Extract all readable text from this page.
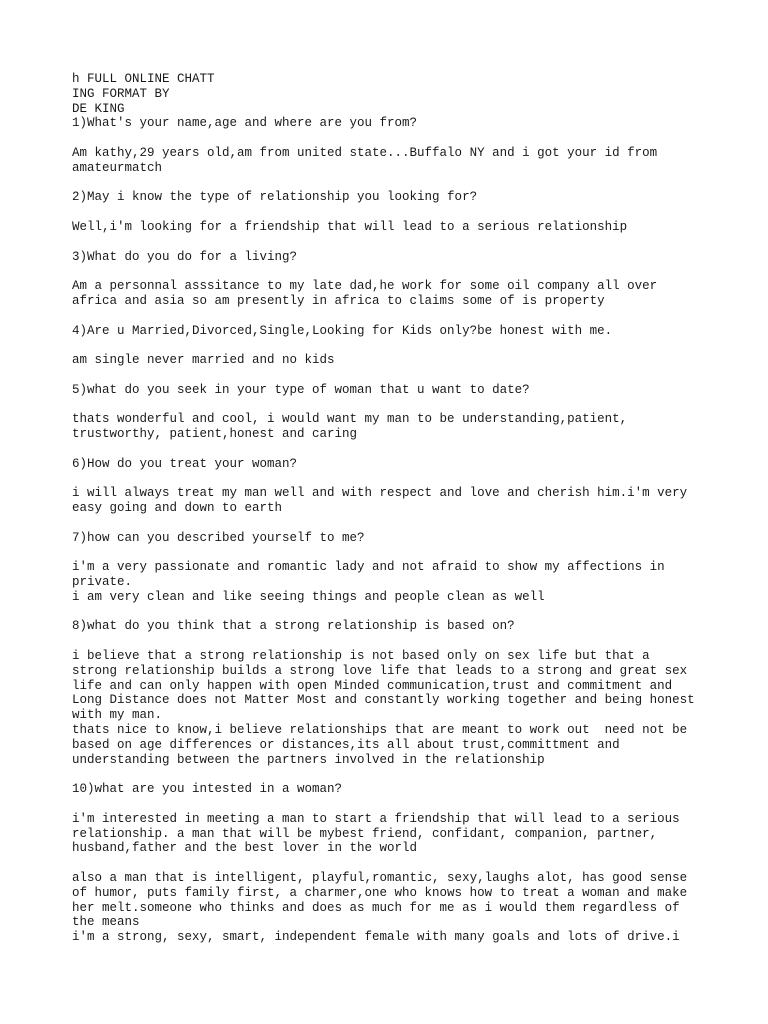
h FULL ONLINE CHATT
ING FORMAT BY
DE KING
1)What's your name,age and where are you from?
Am kathy,29 years old,am from united state...Buffalo NY and i got your id from
amateurmatch
2)May i know the type of relationship you looking for?
Well,i'm looking for a friendship that will lead to a serious relationship
3)What do you do for a living?
Am a personnal asssitance to my late dad,he work for some oil company all over
africa and asia so am presently in africa to claims some of is property
4)Are u Married,Divorced,Single,Looking for Kids only?be honest with me.
am single never married and no kids
5)what do you seek in your type of woman that u want to date?
thats wonderful and cool, i would want my man to be understanding,patient,
trustworthy, patient,honest and caring
6)How do you treat your woman?
i will always treat my man well and with respect and love and cherish him.i'm very
easy going and down to earth
7)how can you described yourself to me?
i'm a very passionate and romantic lady and not afraid to show my affections in
private.
i am very clean and like seeing things and people clean as well
8)what do you think that a strong relationship is based on?
i believe that a strong relationship is not based only on sex life but that a
strong relationship builds a strong love life that leads to a strong and great sex
life and can only happen with open Minded communication,trust and commitment and
Long Distance does not Matter Most and constantly working together and being honest
with my man.
thats nice to know,i believe relationships that are meant to work out  need not be
based on age differences or distances,its all about trust,committment and
understanding between the partners involved in the relationship
10)what are you intested in a woman?
i'm interested in meeting a man to start a friendship that will lead to a serious
relationship. a man that will be mybest friend, confidant, companion, partner,
husband,father and the best lover in the world
also a man that is intelligent, playful,romantic, sexy,laughs alot, has good sense
of humor, puts family first, a charmer,one who knows how to treat a woman and make
her melt.someone who thinks and does as much for me as i would them regardless of
the means
i'm a strong, sexy, smart, independent female with many goals and lots of drive.i
